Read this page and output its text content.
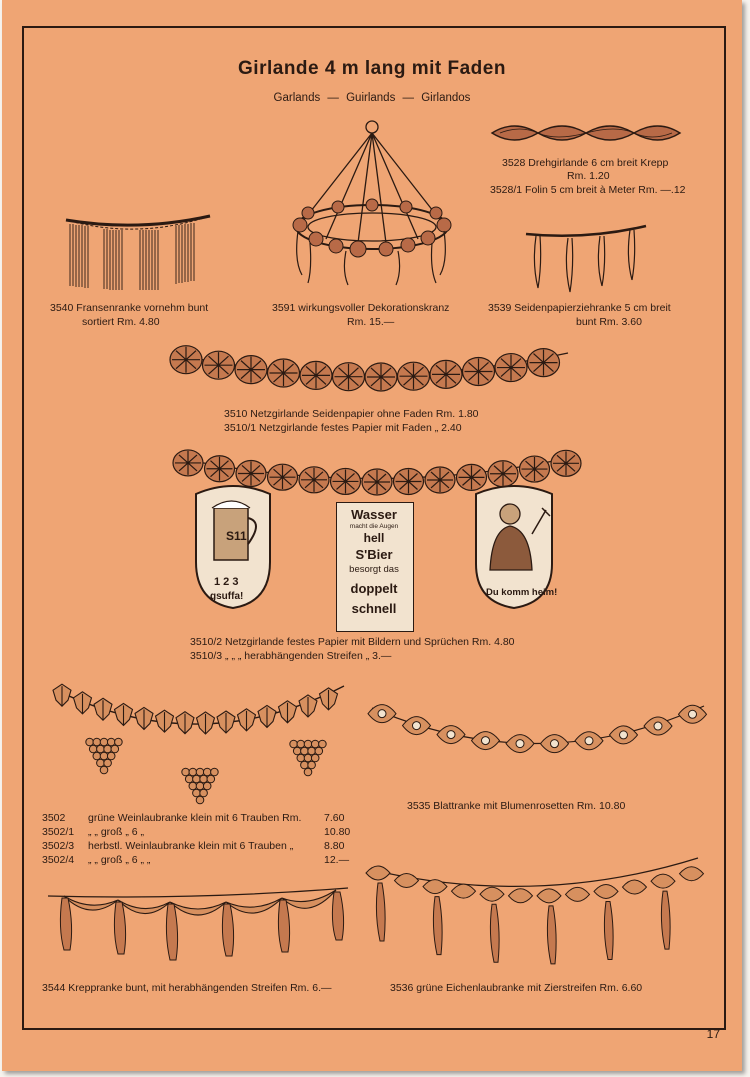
Girlande 4 m lang mit Faden
Garlands — Guirlands — Girlandos
3528 Drehgirlande 6 cm breit Krepp
Rm. 1.20
3528/1 Folin 5 cm breit à Meter Rm. —.12
3540 Fransenranke vornehm bunt
sortiert Rm. 4.80
3591 wirkungsvoller Dekorationskranz
Rm. 15.—
3539 Seidenpapierziehranke 5 cm breit
bunt Rm. 3.60
3510 Netzgirlande Seidenpapier ohne Faden Rm. 1.80
3510/1 Netzgirlande festes Papier mit Faden „ 2.40
S11
1 2 3
gsuffa!
Wasser
macht die Augen
hell
S'Bier
besorgt das
doppelt
schnell
Du komm heim!
3510/2 Netzgirlande festes Papier mit Bildern und Sprüchen Rm. 4.80
3510/3 „ „ „ herabhängenden Streifen „ 3.—
3502 grüne Weinlaubranke klein mit 6 Trauben Rm. 7.60
3502/1 „ „ groß „ 6 „	10.80
3502/3 herbstl. Weinlaubranke klein mit 6 Trauben „	8.80
3502/4 „ „ groß „ 6 „ „	12.—
3535 Blattranke mit Blumenrosetten Rm. 10.80
3544 Kreppranke bunt, mit herabhängenden Streifen Rm. 6.—	3536 grüne Eichenlaubranke mit Zierstreifen Rm. 6.60
17
